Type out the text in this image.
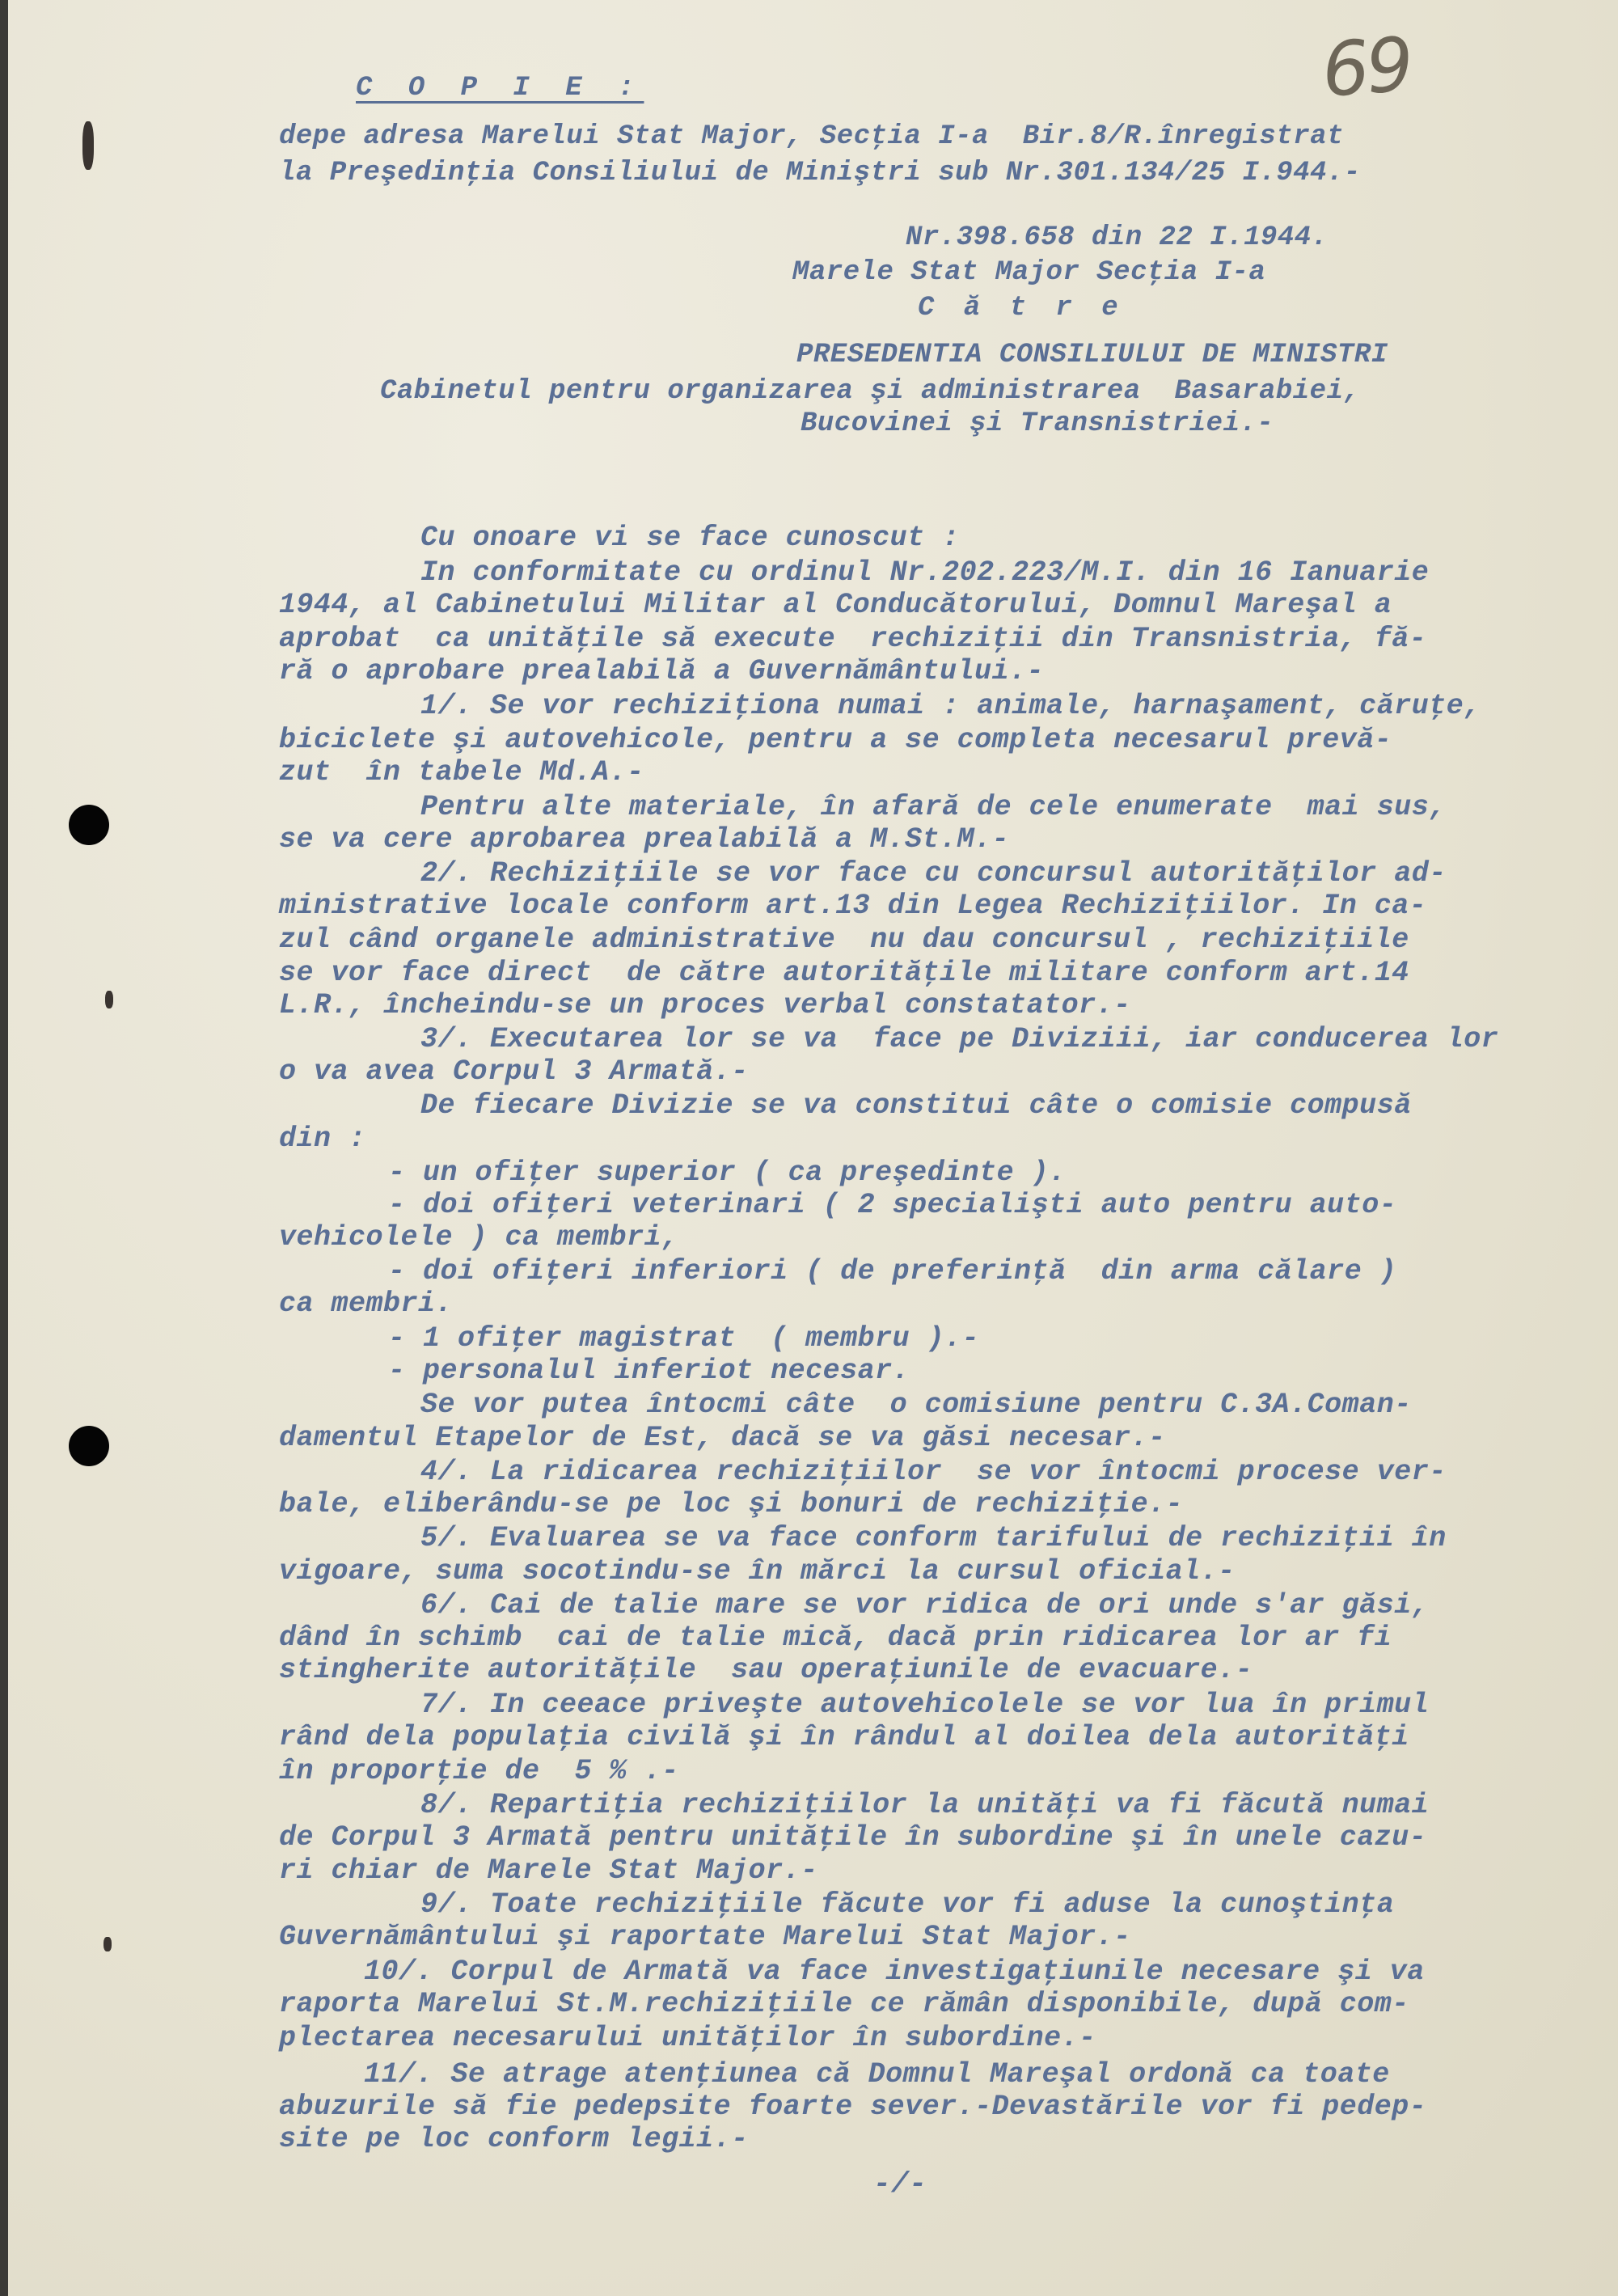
69
C O P I E :
depe adresa Marelui Stat Major, Secţia I-a  Bir.8/R.înregistrat
la Preşedinţia Consiliului de Miniştri sub Nr.301.134/25 I.944.-
Nr.398.658 din 22 I.1944.
Marele Stat Major Secţia I-a
C ă t r e
PRESEDENTIA CONSILIULUI DE MINISTRI
Cabinetul pentru organizarea şi administrarea  Basarabiei,
Bucovinei şi Transnistriei.-
Cu onoare vi se face cunoscut :
In conformitate cu ordinul Nr.202.223/M.I. din 16 Ianuarie
1944, al Cabinetului Militar al Conducătorului, Domnul Mareşal a
aprobat  ca unităţile să execute  rechiziţii din Transnistria, fă-
ră o aprobare prealabilă a Guvernământului.-
1/. Se vor rechiziţiona numai : animale, harnaşament, căruţe,
biciclete şi autovehicole, pentru a se completa necesarul prevă-
zut  în tabele Md.A.-
Pentru alte materiale, în afară de cele enumerate  mai sus,
se va cere aprobarea prealabilă a M.St.M.-
2/. Rechiziţiile se vor face cu concursul autorităţilor ad-
ministrative locale conform art.13 din Legea Rechiziţiilor. In ca-
zul când organele administrative  nu dau concursul , rechiziţiile
se vor face direct  de către autorităţile militare conform art.14
L.R., încheindu-se un proces verbal constatator.-
3/. Executarea lor se va  face pe Diviziii, iar conducerea lor
o va avea Corpul 3 Armată.-
De fiecare Divizie se va constitui câte o comisie compusă
din :
- un ofiţer superior ( ca preşedinte ).
- doi ofiţeri veterinari ( 2 specialişti auto pentru auto-
vehicolele ) ca membri,
- doi ofiţeri inferiori ( de preferinţă  din arma călare )
ca membri.
- 1 ofiţer magistrat  ( membru ).-
- personalul inferiot necesar.
Se vor putea întocmi câte  o comisiune pentru C.3A.Coman-
damentul Etapelor de Est, dacă se va găsi necesar.-
4/. La ridicarea rechiziţiilor  se vor întocmi procese ver-
bale, eliberându-se pe loc şi bonuri de rechiziţie.-
5/. Evaluarea se va face conform tarifului de rechiziţii în
vigoare, suma socotindu-se în mărci la cursul oficial.-
6/. Cai de talie mare se vor ridica de ori unde s'ar găsi,
dând în schimb  cai de talie mică, dacă prin ridicarea lor ar fi
stingherite autorităţile  sau operaţiunile de evacuare.-
7/. In ceeace priveşte autovehicolele se vor lua în primul
rând dela populaţia civilă şi în rândul al doilea dela autorităţi
în proporţie de  5 % .-
8/. Repartiţia rechiziţiilor la unităţi va fi făcută numai
de Corpul 3 Armată pentru unităţile în subordine şi în unele cazu-
ri chiar de Marele Stat Major.-
9/. Toate rechiziţiile făcute vor fi aduse la cunoştinţa
Guvernământului şi raportate Marelui Stat Major.-
10/. Corpul de Armată va face investigaţiunile necesare şi va
raporta Marelui St.M.rechiziţiile ce rămân disponibile, după com-
plectarea necesarului unităţilor în subordine.-
11/. Se atrage atenţiunea că Domnul Mareşal ordonă ca toate
abuzurile să fie pedepsite foarte sever.-Devastările vor fi pedep-
site pe loc conform legii.-
-/-
